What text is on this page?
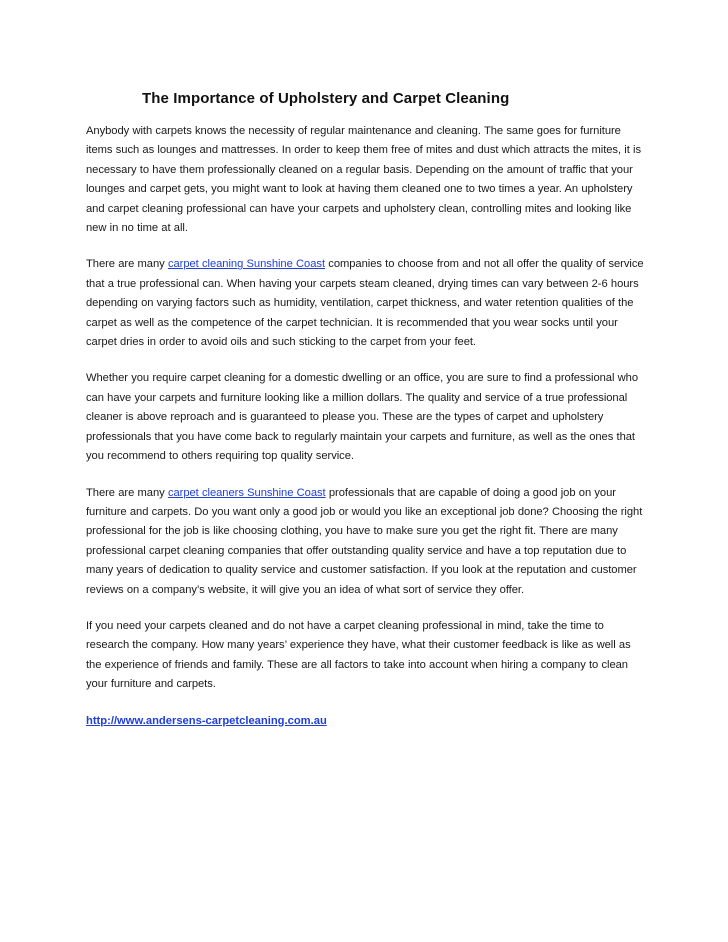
The Importance of Upholstery and Carpet Cleaning

Anybody with carpets knows the necessity of regular maintenance and cleaning. The same goes for furniture items such as lounges and mattresses. In order to keep them free of mites and dust which attracts the mites, it is necessary to have them professionally cleaned on a regular basis. Depending on the amount of traffic that your lounges and carpet gets, you might want to look at having them cleaned one to two times a year. An upholstery and carpet cleaning professional can have your carpets and upholstery clean, controlling mites and looking like new in no time at all.

There are many carpet cleaning Sunshine Coast companies to choose from and not all offer the quality of service that a true professional can. When having your carpets steam cleaned, drying times can vary between 2-6 hours depending on varying factors such as humidity, ventilation, carpet thickness, and water retention qualities of the carpet as well as the competence of the carpet technician. It is recommended that you wear socks until your carpet dries in order to avoid oils and such sticking to the carpet from your feet.

Whether you require carpet cleaning for a domestic dwelling or an office, you are sure to find a professional who can have your carpets and furniture looking like a million dollars. The quality and service of a true professional cleaner is above reproach and is guaranteed to please you. These are the types of carpet and upholstery professionals that you have come back to regularly maintain your carpets and furniture, as well as the ones that you recommend to others requiring top quality service.

There are many carpet cleaners Sunshine Coast professionals that are capable of doing a good job on your furniture and carpets. Do you want only a good job or would you like an exceptional job done? Choosing the right professional for the job is like choosing clothing, you have to make sure you get the right fit. There are many professional carpet cleaning companies that offer outstanding quality service and have a top reputation due to many years of dedication to quality service and customer satisfaction. If you look at the reputation and customer reviews on a company’s website, it will give you an idea of what sort of service they offer.

If you need your carpets cleaned and do not have a carpet cleaning professional in mind, take the time to research the company. How many years’ experience they have, what their customer feedback is like as well as the experience of friends and family. These are all factors to take into account when hiring a company to clean your furniture and carpets.

http://www.andersens-carpetcleaning.com.au
